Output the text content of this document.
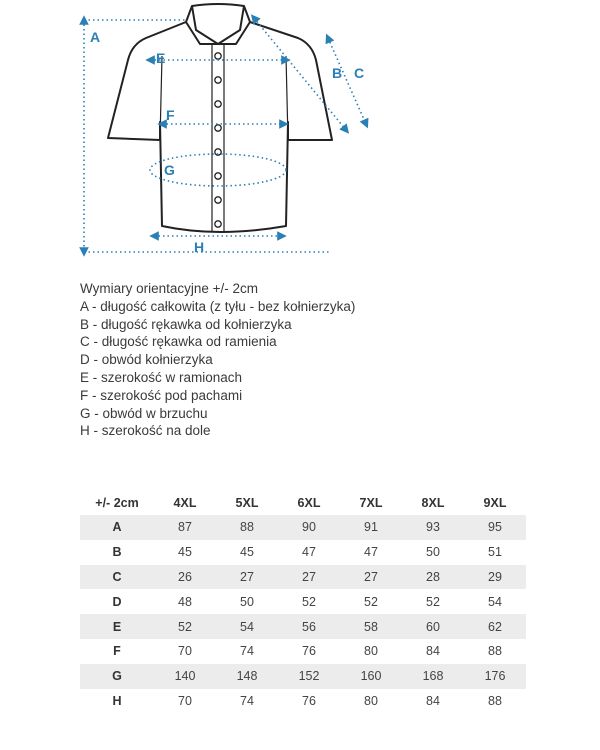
A
E
B C
F
G
H
Wymiary orientacyjne +/- 2cm
A - długość całkowita (z tyłu - bez kołnierzyka)
B - długość rękawka od kołnierzyka
C - długość rękawka od ramienia
D - obwód kołnierzyka
E - szerokość w ramionach
F - szerokość pod pachami
G - obwód w brzuchu
H - szerokość na dole
+/- 2cm	4XL	5XL	6XL	7XL	8XL	9XL
A	87	88	90	91	93	95
B	45	45	47	47	50	51
C	26	27	27	27	28	29
D	48	50	52	52	52	54
E	52	54	56	58	60	62
F	70	74	76	80	84	88
G	140	148	152	160	168	176
H	70	74	76	80	84	88
